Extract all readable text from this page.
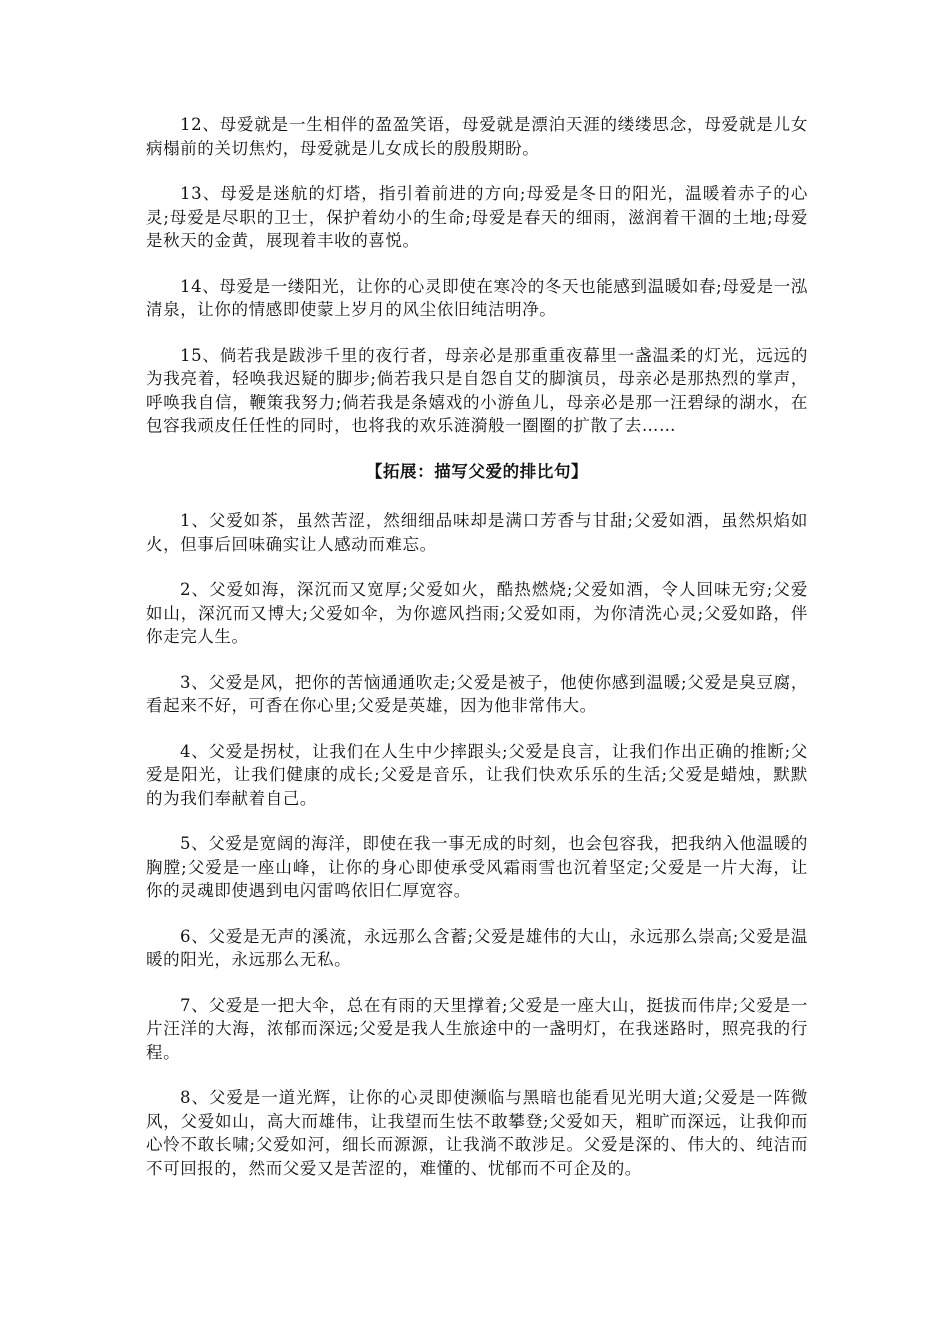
12、母爱就是一生相伴的盈盈笑语，母爱就是漂泊天涯的缕缕思念，母爱就是儿女病榻前的关切焦灼，母爱就是儿女成长的殷殷期盼。

13、母爱是迷航的灯塔，指引着前进的方向;母爱是冬日的阳光，温暖着赤子的心灵;母爱是尽职的卫士，保护着幼小的生命;母爱是春天的细雨，滋润着干涸的土地;母爱是秋天的金黄，展现着丰收的喜悦。

14、母爱是一缕阳光，让你的心灵即使在寒冷的冬天也能感到温暖如春;母爱是一泓清泉，让你的情感即使蒙上岁月的风尘依旧纯洁明净。

15、倘若我是跋涉千里的夜行者，母亲必是那重重夜幕里一盏温柔的灯光，远远的为我亮着，轻唤我迟疑的脚步;倘若我只是自怨自艾的脚演员，母亲必是那热烈的掌声，呼唤我自信，鞭策我努力;倘若我是条嬉戏的小游鱼儿，母亲必是那一汪碧绿的湖水，在包容我顽皮任任性的同时，也将我的欢乐涟漪般一圈圈的扩散了去……

【拓展：描写父爱的排比句】

1、父爱如茶，虽然苦涩，然细细品味却是满口芳香与甘甜;父爱如酒，虽然炽焰如火，但事后回味确实让人感动而难忘。

2、父爱如海，深沉而又宽厚;父爱如火，酷热燃烧;父爱如酒，令人回味无穷;父爱如山，深沉而又博大;父爱如伞，为你遮风挡雨;父爱如雨，为你清洗心灵;父爱如路，伴你走完人生。

3、父爱是风，把你的苦恼通通吹走;父爱是被子，他使你感到温暖;父爱是臭豆腐，看起来不好，可香在你心里;父爱是英雄，因为他非常伟大。

4、父爱是拐杖，让我们在人生中少摔跟头;父爱是良言，让我们作出正确的推断;父爱是阳光，让我们健康的成长;父爱是音乐，让我们快欢乐乐的生活;父爱是蜡烛，默默的为我们奉献着自己。

5、父爱是宽阔的海洋，即使在我一事无成的时刻，也会包容我，把我纳入他温暖的胸膛;父爱是一座山峰，让你的身心即使承受风霜雨雪也沉着坚定;父爱是一片大海，让你的灵魂即使遇到电闪雷鸣依旧仁厚宽容。

6、父爱是无声的溪流，永远那么含蓄;父爱是雄伟的大山，永远那么崇高;父爱是温暖的阳光，永远那么无私。

7、父爱是一把大伞，总在有雨的天里撑着;父爱是一座大山，挺拔而伟岸;父爱是一片汪洋的大海，浓郁而深远;父爱是我人生旅途中的一盏明灯，在我迷路时，照亮我的行程。

8、父爱是一道光辉，让你的心灵即使濒临与黑暗也能看见光明大道;父爱是一阵微风，父爱如山，高大而雄伟，让我望而生怯不敢攀登;父爱如天，粗旷而深远，让我仰而心怜不敢长啸;父爱如河，细长而源源，让我淌不敢涉足。父爱是深的、伟大的、纯洁而不可回报的，然而父爱又是苦涩的，难懂的、忧郁而不可企及的。
